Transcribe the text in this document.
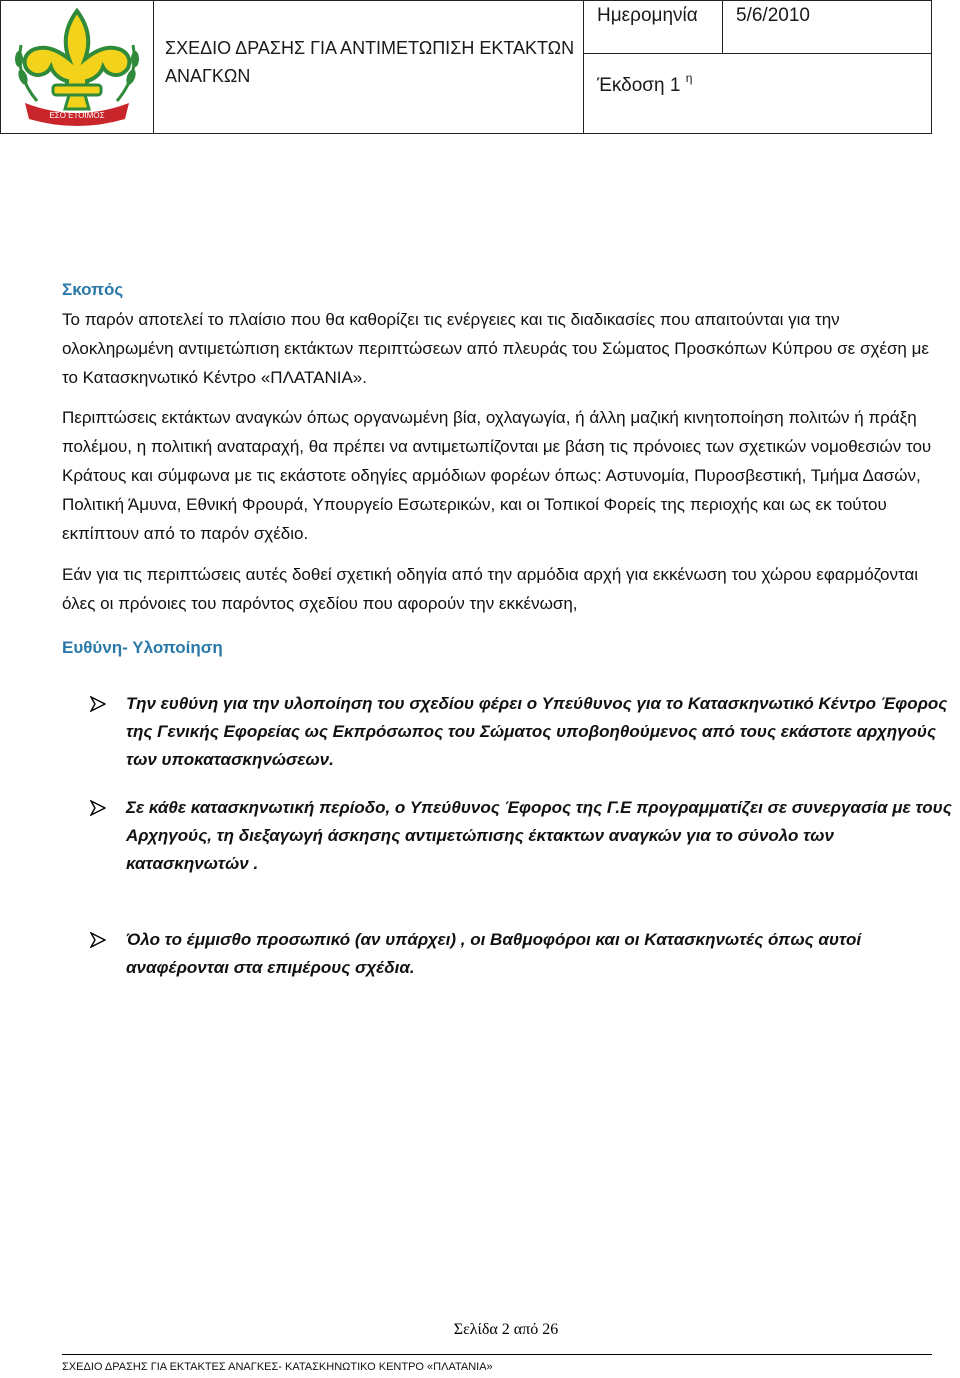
ΕΣΟ ΕΤΟΙΜΟΣ
ΣΧΕΔΙΟ ΔΡΑΣΗΣ ΓΙΑ ΑΝΤΙΜΕΤΩΠΙΣΗ ΕΚΤΑΚΤΩΝ ΑΝΑΓΚΩΝ
Ημερομηνία 5/6/2010
Έκδοση 1 $^\eta$
Σκοπός

Το παρόν αποτελεί το πλαίσιο που θα καθορίζει τις ενέργειες και τις διαδικασίες που απαιτούνται για την ολοκληρωμένη αντιμετώπιση εκτάκτων περιπτώσεων από πλευράς του Σώματος Προσκόπων Κύπρου σε σχέση με το Κατασκηνωτικό Κέντρο «ΠΛΑΤΑΝΙΑ».

Περιπτώσεις εκτάκτων αναγκών όπως οργανωμένη βία, οχλαγωγία, ή άλλη μαζική κινητοποίηση πολιτών ή πράξη πολέμου, η πολιτική αναταραχή, θα πρέπει να αντιμετωπίζονται με βάση τις πρόνοιες των σχετικών νομοθεσιών του Κράτους και σύμφωνα με τις εκάστοτε οδηγίες αρμόδιων φορέων όπως: Αστυνομία, Πυροσβεστική, Τμήμα Δασών, Πολιτική Άμυνα, Εθνική Φρουρά, Υπουργείο Εσωτερικών, και οι Τοπικοί Φορείς της περιοχής και ως εκ τούτου εκπίπτουν από το παρόν σχέδιο.

Εάν για τις περιπτώσεις αυτές δοθεί σχετική οδηγία από την αρμόδια αρχή για εκκένωση του χώρου εφαρμόζονται όλες οι πρόνοιες του παρόντος σχεδίου που αφορούν την εκκένωση,

Ευθύνη- Υλοποίηση
Την ευθύνη για την υλοποίηση του σχεδίου φέρει ο Υπεύθυνος για το Κατασκηνωτικό Κέντρο Έφορος της Γενικής Εφορείας ως Εκπρόσωπος του Σώματος υποβοηθούμενος από τους εκάστοτε αρχηγούς των υποκατασκηνώσεων.
Σε κάθε κατασκηνωτική περίοδο, ο Υπεύθυνος Έφορος της Γ.Ε προγραμματίζει σε συνεργασία με τους Αρχηγούς, τη διεξαγωγή άσκησης αντιμετώπισης έκτακτων αναγκών για το σύνολο των κατασκηνωτών .
Όλο το έμμισθο προσωπικό (αν υπάρχει) , οι Βαθμοφόροι και οι Κατασκηνωτές όπως αυτοί αναφέρονται στα επιμέρους σχέδια.
Σελίδα 2 από 26
ΣΧΕΔΙΟ ΔΡΑΣΗΣ ΓΙΑ ΕΚΤΑΚΤΕΣ ΑΝΑΓΚΕΣ- ΚΑΤΑΣΚΗΝΩΤΙΚΟ ΚΕΝΤΡΟ «ΠΛΑΤΑΝΙΑ»
